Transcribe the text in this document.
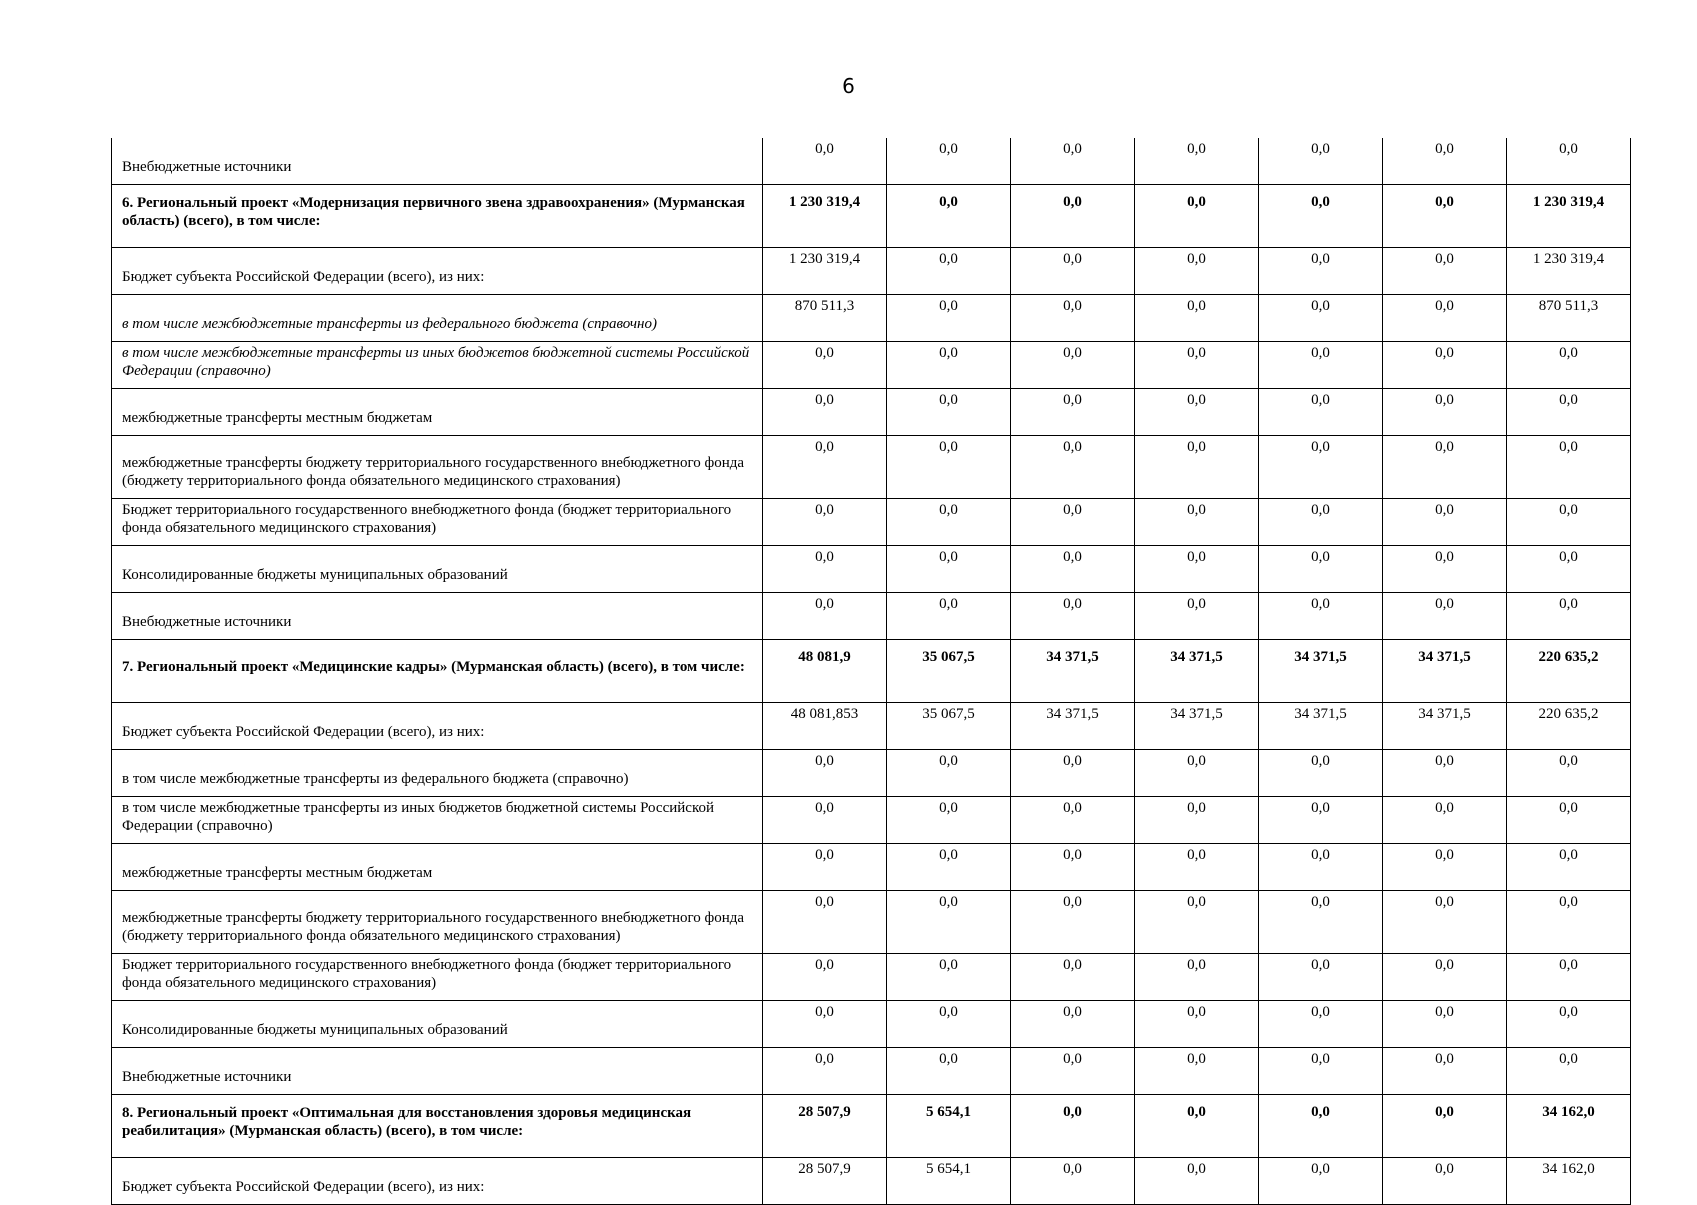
6
Внебюджетные источники	0,0	0,0	0,0	0,0	0,0	0,0	0,0

6. Региональный проект «Модернизация первичного звена здравоохранения» (Мурманская область) (всего), в том числе:	1 230 319,4	0,0	0,0	0,0	0,0	0,0	1 230 319,4

Бюджет субъекта Российской Федерации (всего), из них:	1 230 319,4	0,0	0,0	0,0	0,0	0,0	1 230 319,4

в том числе межбюджетные трансферты из федерального бюджета (справочно)	870 511,3	0,0	0,0	0,0	0,0	0,0	870 511,3

в том числе межбюджетные трансферты из иных бюджетов бюджетной системы Российской Федерации (справочно)	0,0	0,0	0,0	0,0	0,0	0,0	0,0

межбюджетные трансферты местным бюджетам	0,0	0,0	0,0	0,0	0,0	0,0	0,0

межбюджетные трансферты бюджету территориального государственного внебюджетного фонда (бюджету территориального фонда обязательного медицинского страхования)	0,0	0,0	0,0	0,0	0,0	0,0	0,0

Бюджет территориального государственного внебюджетного фонда (бюджет территориального фонда обязательного медицинского страхования)	0,0	0,0	0,0	0,0	0,0	0,0	0,0

Консолидированные бюджеты муниципальных образований	0,0	0,0	0,0	0,0	0,0	0,0	0,0

Внебюджетные источники	0,0	0,0	0,0	0,0	0,0	0,0	0,0

7. Региональный проект «Медицинские кадры» (Мурманская область) (всего), в том числе:	48 081,9	35 067,5	34 371,5	34 371,5	34 371,5	34 371,5	220 635,2

Бюджет субъекта Российской Федерации (всего), из них:	48 081,853	35 067,5	34 371,5	34 371,5	34 371,5	34 371,5	220 635,2

в том числе межбюджетные трансферты из федерального бюджета (справочно)	0,0	0,0	0,0	0,0	0,0	0,0	0,0

в том числе межбюджетные трансферты из иных бюджетов бюджетной системы Российской Федерации (справочно)	0,0	0,0	0,0	0,0	0,0	0,0	0,0

межбюджетные трансферты местным бюджетам	0,0	0,0	0,0	0,0	0,0	0,0	0,0

межбюджетные трансферты бюджету территориального государственного внебюджетного фонда (бюджету территориального фонда обязательного медицинского страхования)	0,0	0,0	0,0	0,0	0,0	0,0	0,0

Бюджет территориального государственного внебюджетного фонда (бюджет территориального фонда обязательного медицинского страхования)	0,0	0,0	0,0	0,0	0,0	0,0	0,0

Консолидированные бюджеты муниципальных образований	0,0	0,0	0,0	0,0	0,0	0,0	0,0

Внебюджетные источники	0,0	0,0	0,0	0,0	0,0	0,0	0,0

8. Региональный проект «Оптимальная для восстановления здоровья медицинская реабилитация» (Мурманская область) (всего), в том числе:	28 507,9	5 654,1	0,0	0,0	0,0	0,0	34 162,0

Бюджет субъекта Российской Федерации (всего), из них:	28 507,9	5 654,1	0,0	0,0	0,0	0,0	34 162,0
